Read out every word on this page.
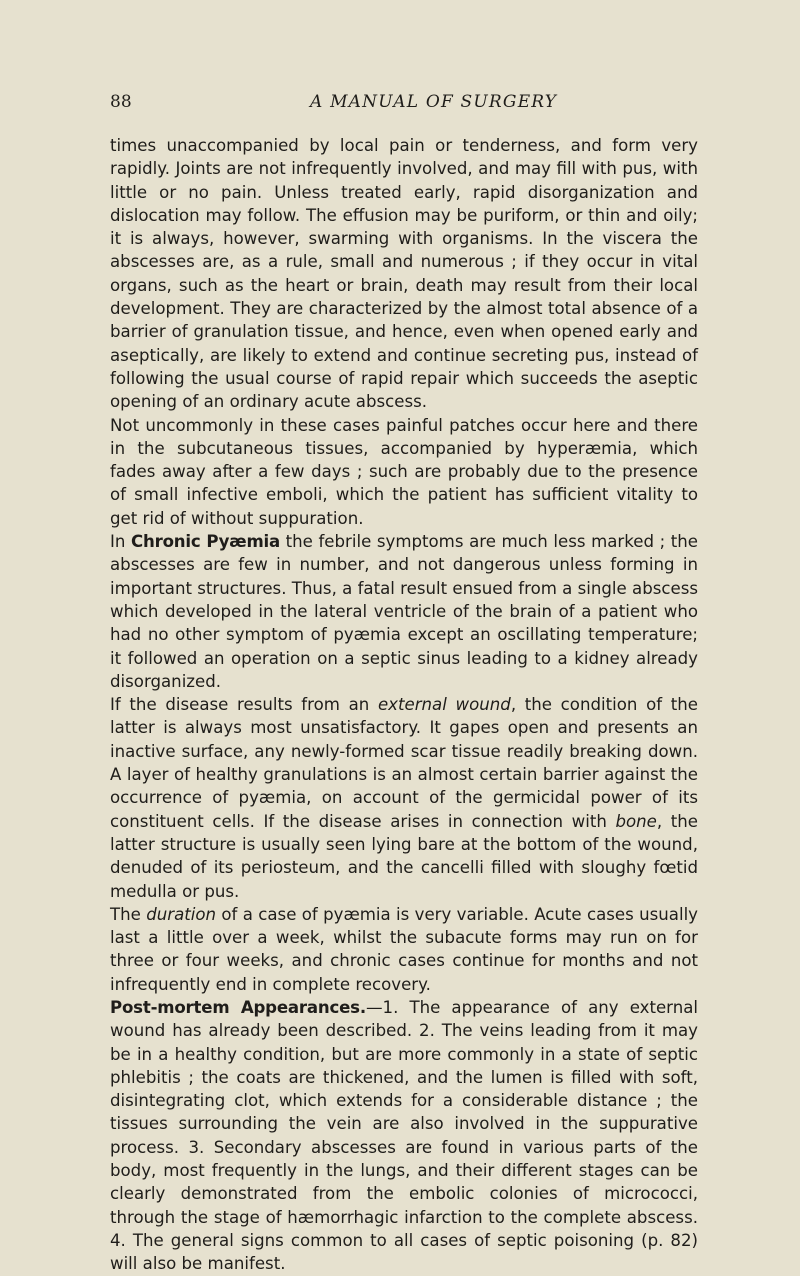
88	A MANUAL OF SURGERY

times unaccompanied by local pain or tenderness, and form very rapidly. Joints are not infrequently involved, and may fill with pus, with little or no pain. Unless treated early, rapid disorganization and dislocation may follow. The effusion may be puriform, or thin and oily; it is always, however, swarming with organisms. In the viscera the abscesses are, as a rule, small and numerous ; if they occur in vital organs, such as the heart or brain, death may result from their local development. They are characterized by the almost total absence of a barrier of granulation tissue, and hence, even when opened early and aseptically, are likely to extend and continue secreting pus, instead of following the usual course of rapid repair which succeeds the aseptic opening of an ordinary acute abscess.

Not uncommonly in these cases painful patches occur here and there in the subcutaneous tissues, accompanied by hyperæmia, which fades away after a few days ; such are probably due to the presence of small infective emboli, which the patient has sufficient vitality to get rid of without suppuration.

In Chronic Pyæmia the febrile symptoms are much less marked ; the abscesses are few in number, and not dangerous unless forming in important structures. Thus, a fatal result ensued from a single abscess which developed in the lateral ventricle of the brain of a patient who had no other symptom of pyæmia except an oscillating temperature; it followed an operation on a septic sinus leading to a kidney already disorganized.

If the disease results from an external wound, the condition of the latter is always most unsatisfactory. It gapes open and presents an inactive surface, any newly-formed scar tissue readily breaking down. A layer of healthy granulations is an almost certain barrier against the occurrence of pyæmia, on account of the germicidal power of its constituent cells. If the disease arises in connection with bone, the latter structure is usually seen lying bare at the bottom of the wound, denuded of its periosteum, and the cancelli filled with sloughy fœtid medulla or pus.

The duration of a case of pyæmia is very variable. Acute cases usually last a little over a week, whilst the subacute forms may run on for three or four weeks, and chronic cases continue for months and not infrequently end in complete recovery.

Post-mortem Appearances.—1. The appearance of any external wound has already been described. 2. The veins leading from it may be in a healthy condition, but are more commonly in a state of septic phlebitis ; the coats are thickened, and the lumen is filled with soft, disintegrating clot, which extends for a considerable distance ; the tissues surrounding the vein are also involved in the suppurative process. 3. Secondary abscesses are found in various parts of the body, most frequently in the lungs, and their different stages can be clearly demonstrated from the embolic colonies of micrococci, through the stage of hæmorrhagic infarction to the complete abscess. 4. The general signs common to all cases of septic poisoning (p. 82) will also be manifest.
